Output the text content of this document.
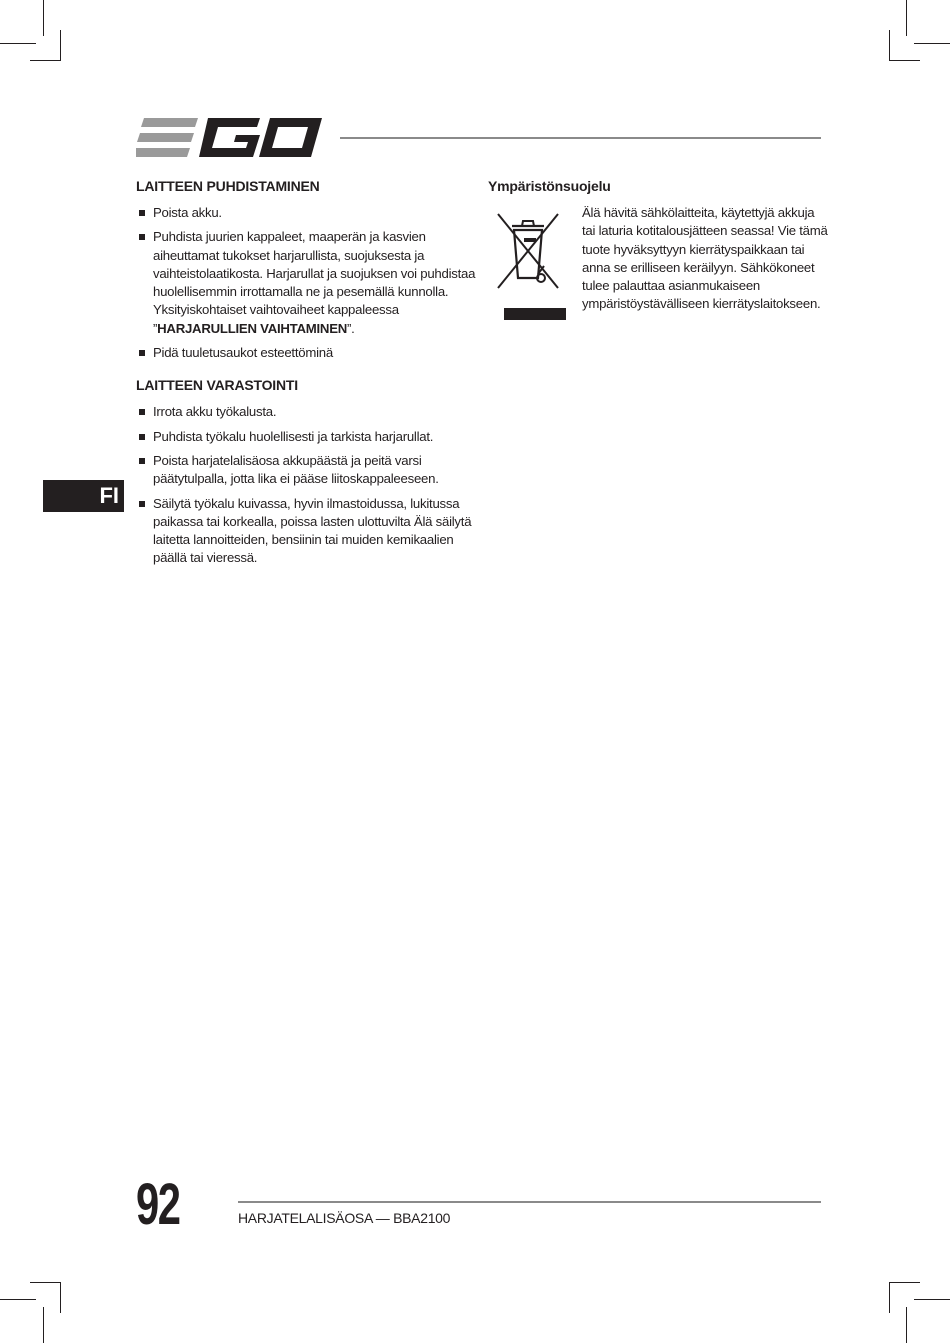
LAITTEEN PUHDISTAMINEN
Poista akku.
Puhdista juurien kappaleet, maaperän ja kasvien aiheuttamat tukokset harjarullista, suojuksesta ja vaihteistolaatikosta. Harjarullat ja suojuksen voi puhdistaa huolellisemmin irrottamalla ne ja pesemällä kunnolla. Yksityiskohtaiset vaihtovaiheet kappaleessa ”HARJARULLIEN VAIHTAMINEN”.
Pidä tuuletusaukot esteettöminä
LAITTEEN VARASTOINTI
Irrota akku työkalusta.
Puhdista työkalu huolellisesti ja tarkista harjarullat.
Poista harjatelalisäosa akkupäästä ja peitä varsi päätytulpalla, jotta lika ei pääse liitoskappaleeseen.
Säilytä työkalu kuivassa, hyvin ilmastoidussa, lukitussa paikassa tai korkealla, poissa lasten ulottuvilta Älä säilytä laitetta lannoitteiden, bensiinin tai muiden kemikaalien päällä tai vieressä.
Ympäristönsuojelu

Älä hävitä sähkölaitteita, käytettyjä akkuja tai laturia kotitalousjätteen seassa! Vie tämä tuote hyväksyttyyn kierrätyspaikkaan tai anna se erilliseen keräilyyn. Sähkökoneet tulee palauttaa asianmukaiseen ympäristöystävälliseen kierrätyslaitokseen.

FI
92	HARJATELALISÄOSA — BBA2100
